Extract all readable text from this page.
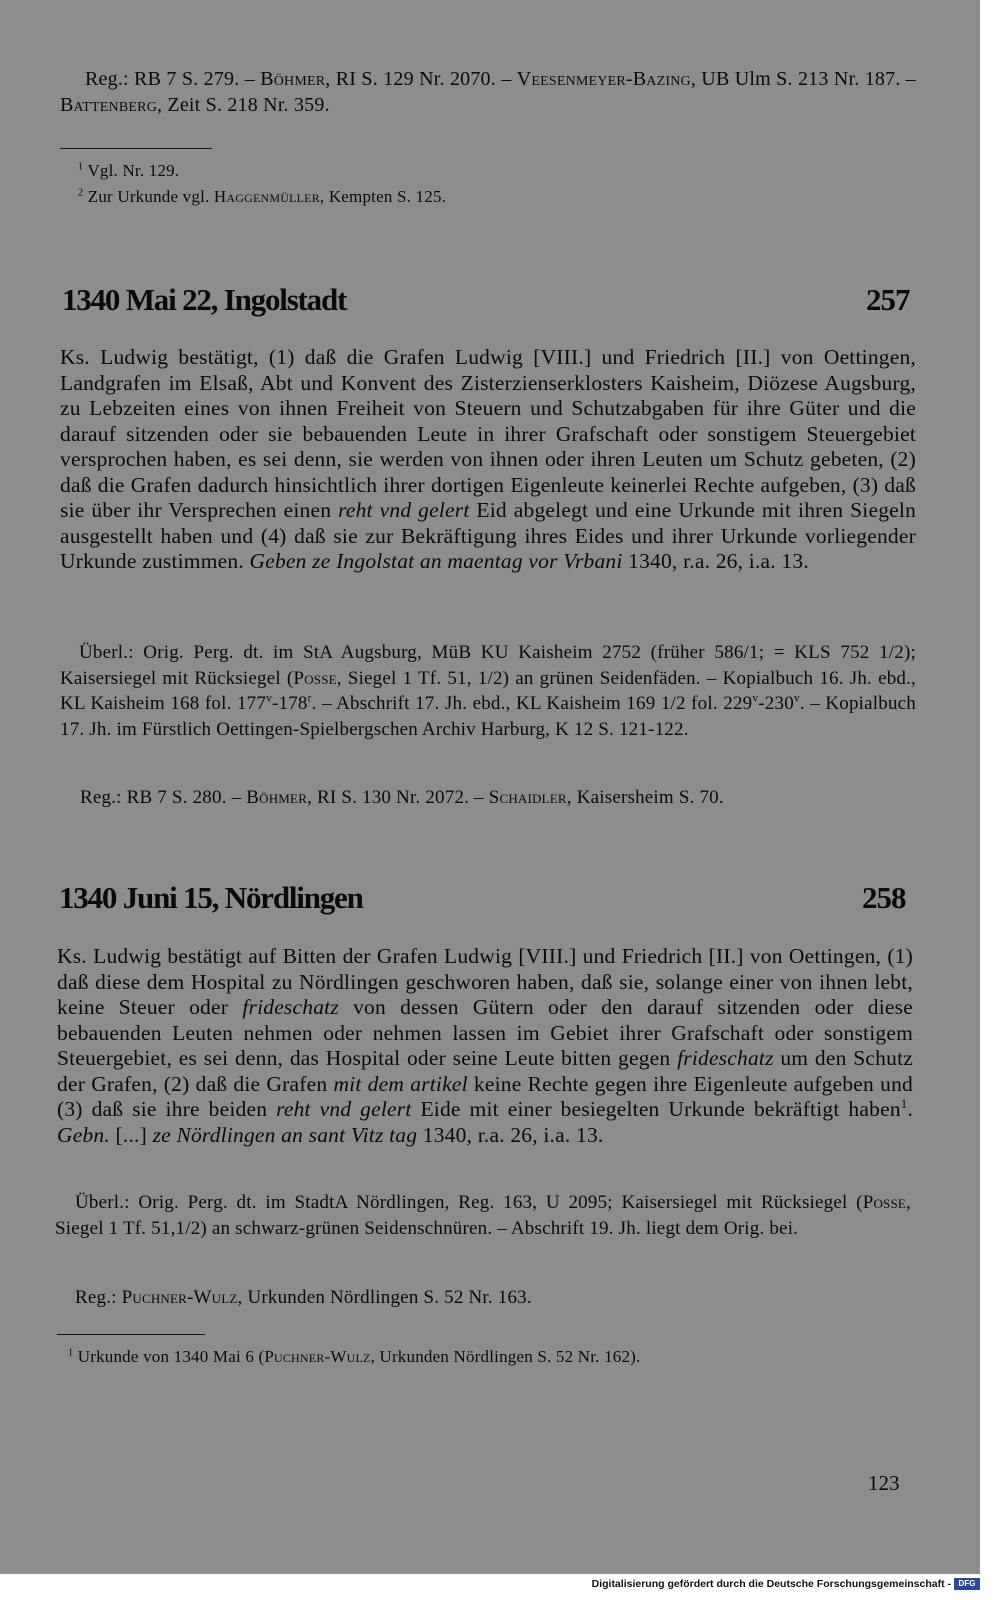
Reg.: RB 7 S. 279. – Böhmer, RI S. 129 Nr. 2070. – Veesenmeyer-Bazing, UB Ulm S. 213 Nr. 187. – Battenberg, Zeit S. 218 Nr. 359.
$^1$ Vgl. Nr. 129.
$^2$ Zur Urkunde vgl. Haggenmüller, Kempten S. 125.
1340 Mai 22, Ingolstadt	257
Ks. Ludwig bestätigt, (1) daß die Grafen Ludwig [VIII.] und Friedrich [II.] von Oettingen, Landgrafen im Elsaß, Abt und Konvent des Zisterzienserklosters Kaisheim, Diözese Augsburg, zu Lebzeiten eines von ihnen Freiheit von Steuern und Schutzabgaben für ihre Güter und die darauf sitzenden oder sie bebauenden Leute in ihrer Grafschaft oder sonstigem Steuergebiet versprochen haben, es sei denn, sie werden von ihnen oder ihren Leuten um Schutz gebeten, (2) daß die Grafen dadurch hinsichtlich ihrer dortigen Eigenleute keinerlei Rechte aufgeben, (3) daß sie über ihr Versprechen einen reht vnd gelert Eid abgelegt und eine Urkunde mit ihren Siegeln ausgestellt haben und (4) daß sie zur Bekräftigung ihres Eides und ihrer Urkunde vorliegender Urkunde zustimmen. Geben ze Ingolstat an maentag vor Vrbani 1340, r.a. 26, i.a. 13.
Überl.: Orig. Perg. dt. im StA Augsburg, MüB KU Kaisheim 2752 (früher 586/1; = KLS 752 1/2); Kaisersiegel mit Rücksiegel (Posse, Siegel 1 Tf. 51, 1/2) an grünen Seidenfäden. – Kopialbuch 16. Jh. ebd., KL Kaisheim 168 fol. 177$^v$-178$^r$. – Abschrift 17. Jh. ebd., KL Kaisheim 169 1/2 fol. 229$^v$-230$^v$. – Kopialbuch 17. Jh. im Fürstlich Oettingen-Spielbergschen Archiv Harburg, K 12 S. 121-122.
Reg.: RB 7 S. 280. – Böhmer, RI S. 130 Nr. 2072. – Schaidler, Kaisersheim S. 70.
1340 Juni 15, Nördlingen	258
Ks. Ludwig bestätigt auf Bitten der Grafen Ludwig [VIII.] und Friedrich [II.] von Oettingen, (1) daß diese dem Hospital zu Nördlingen geschworen haben, daß sie, solange einer von ihnen lebt, keine Steuer oder frideschatz von dessen Gütern oder den darauf sitzenden oder diese bebauenden Leuten nehmen oder nehmen lassen im Gebiet ihrer Grafschaft oder sonstigem Steuergebiet, es sei denn, das Hospital oder seine Leute bitten gegen frideschatz um den Schutz der Grafen, (2) daß die Grafen mit dem artikel keine Rechte gegen ihre Eigenleute aufgeben und (3) daß sie ihre beiden reht vnd gelert Eide mit einer besiegelten Urkunde bekräftigt haben$^1$. Gebn. [...] ze Nördlingen an sant Vitz tag 1340, r.a. 26, i.a. 13.
Überl.: Orig. Perg. dt. im StadtA Nördlingen, Reg. 163, U 2095; Kaisersiegel mit Rücksiegel (Posse, Siegel 1 Tf. 51,1/2) an schwarz-grünen Seidenschnüren. – Abschrift 19. Jh. liegt dem Orig. bei.
Reg.: Puchner-Wulz, Urkunden Nördlingen S. 52 Nr. 163.
$^1$ Urkunde von 1340 Mai 6 (Puchner-Wulz, Urkunden Nördlingen S. 52 Nr. 162).
123
Digitalisierung gefördert durch die Deutsche Forschungsgemeinschaft - DFG
